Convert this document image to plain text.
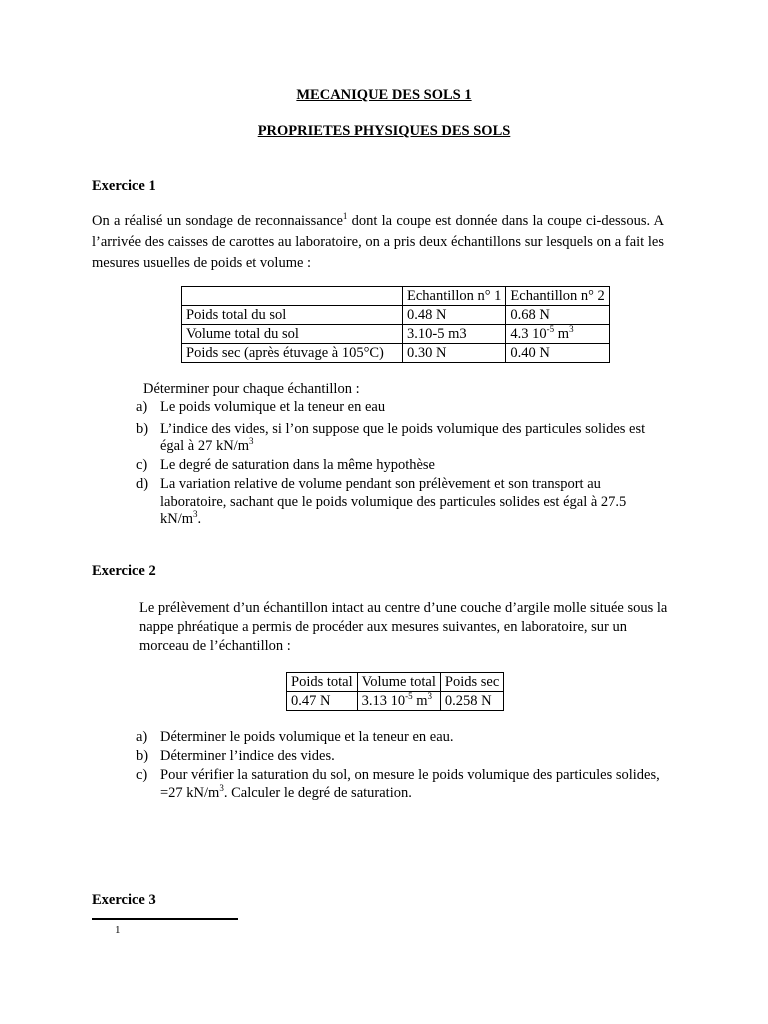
MECANIQUE DES SOLS 1
PROPRIETES PHYSIQUES DES SOLS
Exercice 1
On a réalisé un sondage de reconnaissance$^1$ dont la coupe est donnée dans la coupe ci-dessous. A l’arrivée des caisses de carottes au laboratoire, on a pris deux échantillons sur lesquels on a fait les mesures usuelles de poids et volume :
	Echantillon n° 1	Echantillon n° 2
Poids total du sol	0.48 N	0.68 N
Volume total du sol	3.10-5 m3	4.3 $10^{-5}$ $m^3$
Poids sec (après étuvage à 105°C)	0.30 N	0.40 N
Déterminer pour chaque échantillon :
a) Le poids volumique et la teneur en eau
b) L’indice des vides, si l’on suppose que le poids volumique des particules solides est égal à 27 $kN/m^3$
c) Le degré de saturation dans la même hypothèse
d) La variation relative de volume pendant son prélèvement et son transport au laboratoire, sachant que le poids volumique des particules solides est égal à 27.5 $kN/m^3$.
Exercice 2
Le prélèvement d’un échantillon intact au centre d’une couche d’argile molle située sous la nappe phréatique a permis de procéder aux mesures suivantes, en laboratoire, sur un morceau de l’échantillon :
Poids total	Volume total	Poids sec
0.47 N	3.13 $10^{-5}$ $m^3$	0.258 N
a) Déterminer le poids volumique et la teneur en eau.
b) Déterminer l’indice des vides.
c) Pour vérifier la saturation du sol, on mesure le poids volumique des particules solides, =27 $kN/m^3$. Calculer le degré de saturation.
Exercice 3
1
